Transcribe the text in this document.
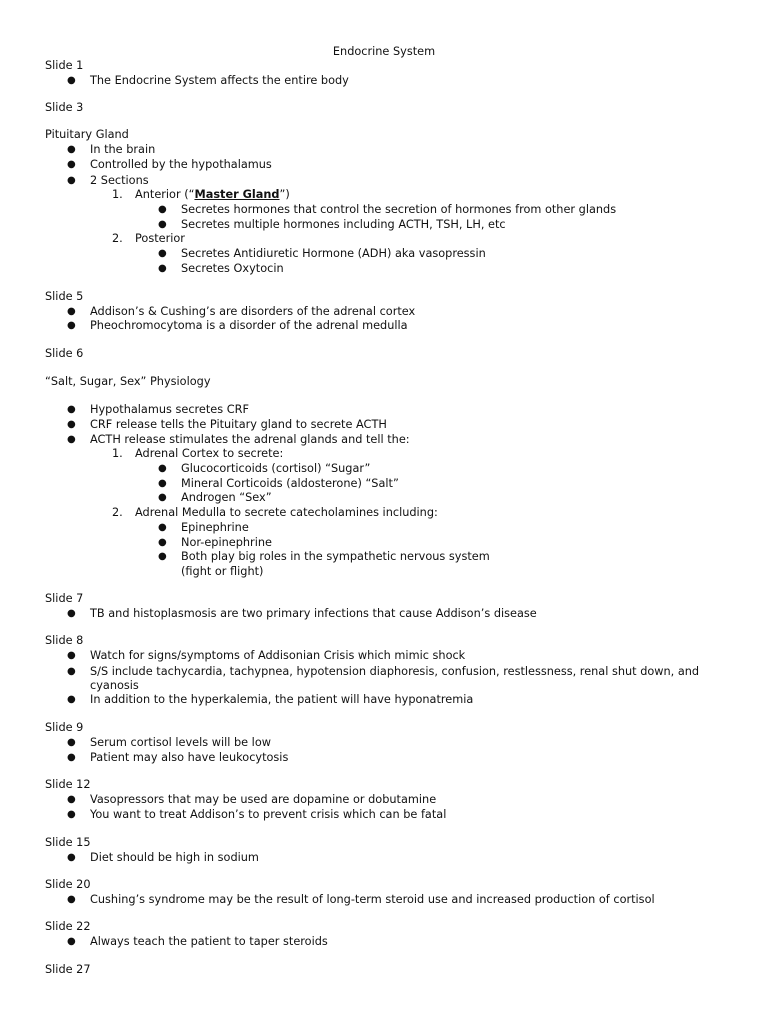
Endocrine System
Slide 1
● The Endocrine System affects the entire body
Slide 3
Pituitary Gland
● In the brain
● Controlled by the hypothalamus
● 2 Sections
1. Anterior (“Master Gland”)
● Secretes hormones that control the secretion of hormones from other glands
● Secretes multiple hormones including ACTH, TSH, LH, etc
2. Posterior
● Secretes Antidiuretic Hormone (ADH) aka vasopressin
● Secretes Oxytocin
Slide 5
● Addison’s & Cushing’s are disorders of the adrenal cortex
● Pheochromocytoma is a disorder of the adrenal medulla
Slide 6
“Salt, Sugar, Sex” Physiology
● Hypothalamus secretes CRF
● CRF release tells the Pituitary gland to secrete ACTH
● ACTH release stimulates the adrenal glands and tell the:
1. Adrenal Cortex to secrete:
● Glucocorticoids (cortisol) “Sugar”
● Mineral Corticoids (aldosterone) “Salt”
● Androgen “Sex”
2. Adrenal Medulla to secrete catecholamines including:
● Epinephrine
● Nor-epinephrine
● Both play big roles in the sympathetic nervous system
(fight or flight)
Slide 7
● TB and histoplasmosis are two primary infections that cause Addison’s disease
Slide 8
● Watch for signs/symptoms of Addisonian Crisis which mimic shock
● S/S include tachycardia, tachypnea, hypotension diaphoresis, confusion, restlessness, renal shut down, and
cyanosis
● In addition to the hyperkalemia, the patient will have hyponatremia
Slide 9
● Serum cortisol levels will be low
● Patient may also have leukocytosis
Slide 12
● Vasopressors that may be used are dopamine or dobutamine
● You want to treat Addison’s to prevent crisis which can be fatal
Slide 15
● Diet should be high in sodium
Slide 20
● Cushing’s syndrome may be the result of long-term steroid use and increased production of cortisol
Slide 22
● Always teach the patient to taper steroids
Slide 27
